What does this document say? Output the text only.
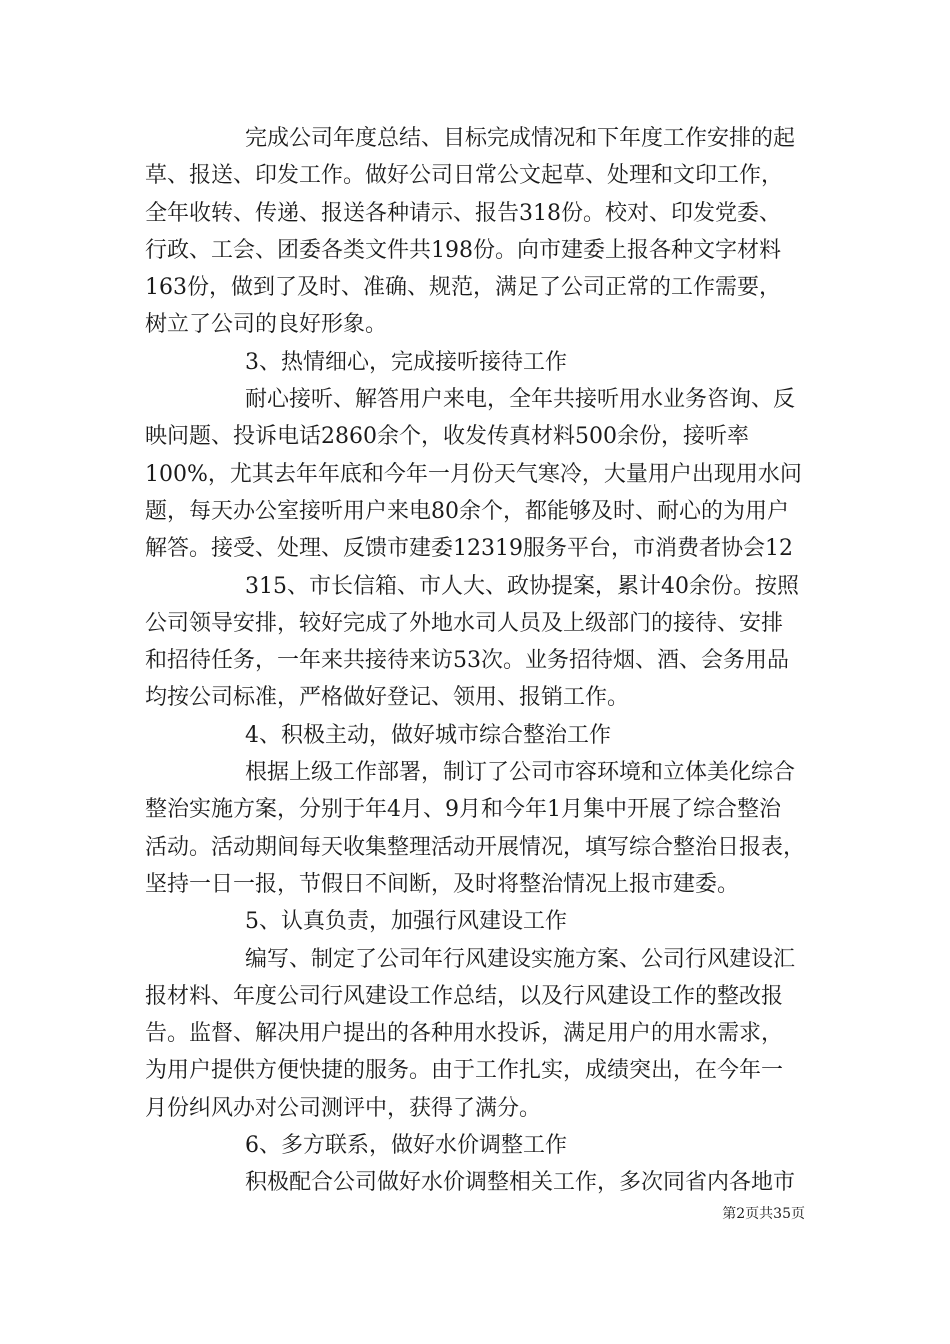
完成公司年度总结、目标完成情况和下年度工作安排的起
草、报送、印发工作。做好公司日常公文起草、处理和文印工作，
全年收转、传递、报送各种请示、报告318份。校对、印发党委、
行政、工会、团委各类文件共198份。向市建委上报各种文字材料
163份，做到了及时、准确、规范，满足了公司正常的工作需要，
树立了公司的良好形象。
3、热情细心，完成接听接待工作
耐心接听、解答用户来电，全年共接听用水业务咨询、反
映问题、投诉电话2860余个，收发传真材料500余份，接听率
100%，尤其去年年底和今年一月份天气寒冷，大量用户出现用水问
题，每天办公室接听用户来电80余个，都能够及时、耐心的为用户
解答。接受、处理、反馈市建委12319服务平台，市消费者协会12
315、市长信箱、市人大、政协提案，累计40余份。按照
公司领导安排，较好完成了外地水司人员及上级部门的接待、安排
和招待任务，一年来共接待来访53次。业务招待烟、酒、会务用品
均按公司标准，严格做好登记、领用、报销工作。
4、积极主动，做好城市综合整治工作
根据上级工作部署，制订了公司市容环境和立体美化综合
整治实施方案，分别于年4月、9月和今年1月集中开展了综合整治
活动。活动期间每天收集整理活动开展情况，填写综合整治日报表，
坚持一日一报，节假日不间断，及时将整治情况上报市建委。
5、认真负责，加强行风建设工作
编写、制定了公司年行风建设实施方案、公司行风建设汇
报材料、年度公司行风建设工作总结，以及行风建设工作的整改报
告。监督、解决用户提出的各种用水投诉，满足用户的用水需求，
为用户提供方便快捷的服务。由于工作扎实，成绩突出，在今年一
月份纠风办对公司测评中，获得了满分。
6、多方联系，做好水价调整工作
积极配合公司做好水价调整相关工作，多次同省内各地市
第2页共35页
